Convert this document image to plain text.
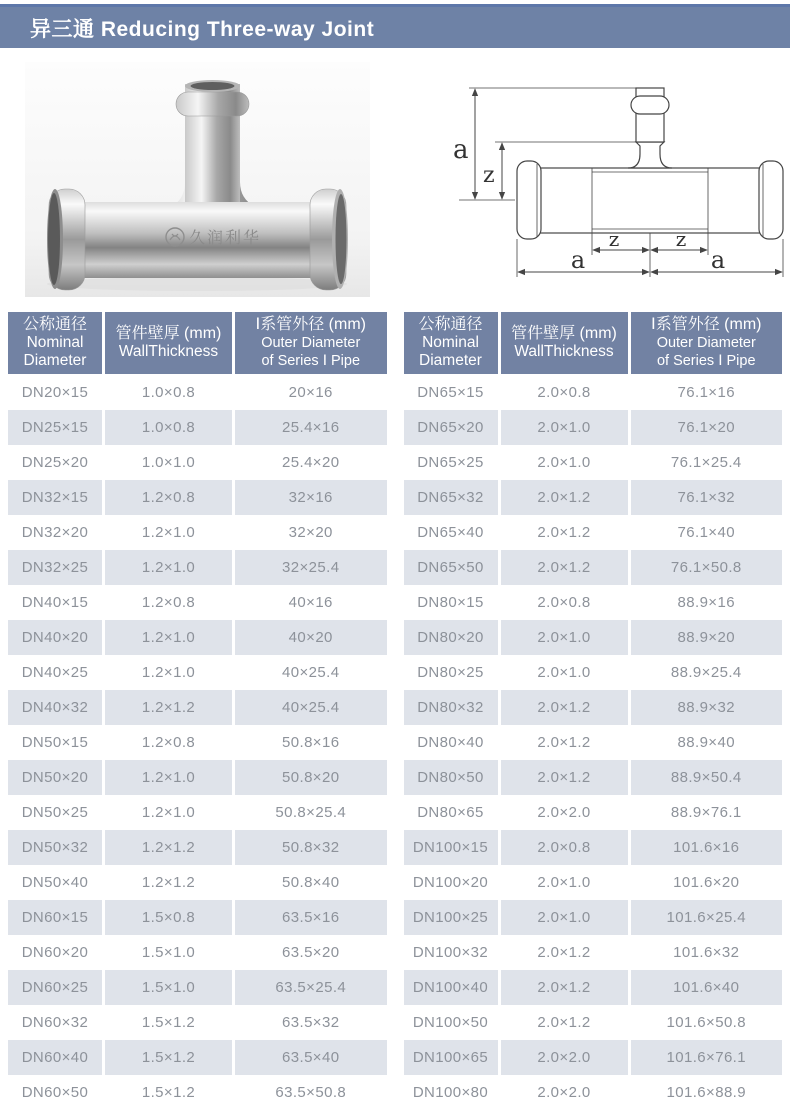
异三通 Reducing Three-way Joint
久润利华
a
z
z	z
a	a
公称通径
Nominal
Diameter
管件壁厚 (mm)
WallThickness
Ⅰ系管外径 (mm)
Outer Diameter
of Series Ⅰ Pipe
DN20×15	1.0×0.8	20×16
DN25×15	1.0×0.8	25.4×16
DN25×20	1.0×1.0	25.4×20
DN32×15	1.2×0.8	32×16
DN32×20	1.2×1.0	32×20
DN32×25	1.2×1.0	32×25.4
DN40×15	1.2×0.8	40×16
DN40×20	1.2×1.0	40×20
DN40×25	1.2×1.0	40×25.4
DN40×32	1.2×1.2	40×25.4
DN50×15	1.2×0.8	50.8×16
DN50×20	1.2×1.0	50.8×20
DN50×25	1.2×1.0	50.8×25.4
DN50×32	1.2×1.2	50.8×32
DN50×40	1.2×1.2	50.8×40
DN60×15	1.5×0.8	63.5×16
DN60×20	1.5×1.0	63.5×20
DN60×25	1.5×1.0	63.5×25.4
DN60×32	1.5×1.2	63.5×32
DN60×40	1.5×1.2	63.5×40
DN60×50	1.5×1.2	63.5×50.8
公称通径
Nominal
Diameter
管件壁厚 (mm)
WallThickness
Ⅰ系管外径 (mm)
Outer Diameter
of Series Ⅰ Pipe
DN65×15	2.0×0.8	76.1×16
DN65×20	2.0×1.0	76.1×20
DN65×25	2.0×1.0	76.1×25.4
DN65×32	2.0×1.2	76.1×32
DN65×40	2.0×1.2	76.1×40
DN65×50	2.0×1.2	76.1×50.8
DN80×15	2.0×0.8	88.9×16
DN80×20	2.0×1.0	88.9×20
DN80×25	2.0×1.0	88.9×25.4
DN80×32	2.0×1.2	88.9×32
DN80×40	2.0×1.2	88.9×40
DN80×50	2.0×1.2	88.9×50.4
DN80×65	2.0×2.0	88.9×76.1
DN100×15	2.0×0.8	101.6×16
DN100×20	2.0×1.0	101.6×20
DN100×25	2.0×1.0	101.6×25.4
DN100×32	2.0×1.2	101.6×32
DN100×40	2.0×1.2	101.6×40
DN100×50	2.0×1.2	101.6×50.8
DN100×65	2.0×2.0	101.6×76.1
DN100×80	2.0×2.0	101.6×88.9
